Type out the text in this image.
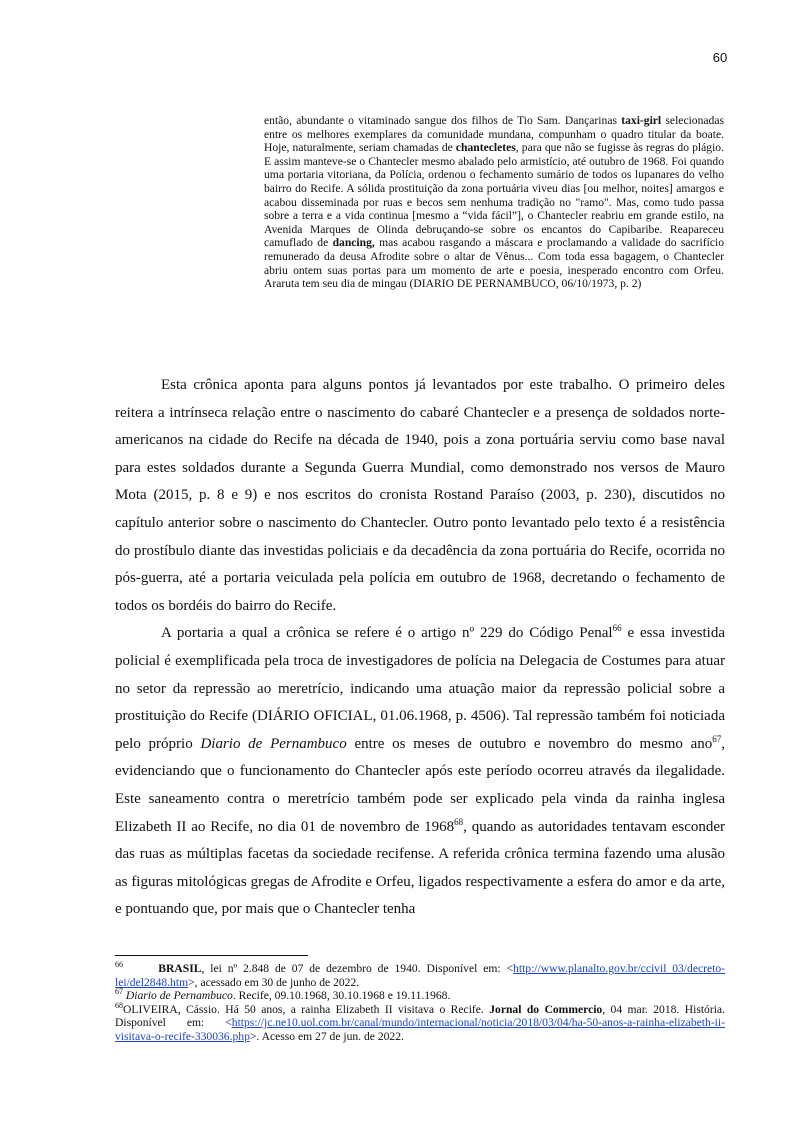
60

então, abundante o vitaminado sangue dos filhos de Tio Sam. Dançarinas taxi-girl selecionadas entre os melhores exemplares da comunidade mundana, compunham o quadro titular da boate. Hoje, naturalmente, seriam chamadas de chantecletes, para que não se fugisse às regras do plágio. E assim manteve-se o Chantecler mesmo abalado pelo armistício, até outubro de 1968. Foi quando uma portaria vitoriana, da Polícia, ordenou o fechamento sumário de todos os lupanares do velho bairro do Recife. A sólida prostituição da zona portuária viveu dias [ou melhor, noites] amargos e acabou disseminada por ruas e becos sem nenhuma tradição no "ramo". Mas, como tudo passa sobre a terra e a vida continua [mesmo a “vida fácil”], o Chantecler reabriu em grande estilo, na Avenida Marques de Olinda debruçando-se sobre os encantos do Capibaribe. Reapareceu camuflado de dancing, mas acabou rasgando a máscara e proclamando a validade do sacrifício remunerado da deusa Afrodite sobre o altar de Vênus... Com toda essa bagagem, o Chantecler abriu ontem suas portas para um momento de arte e poesia, inesperado encontro com Orfeu. Araruta tem seu dia de mingau (DIARIO DE PERNAMBUCO, 06/10/1973, p. 2)

Esta crônica aponta para alguns pontos já levantados por este trabalho. O primeiro deles reitera a intrínseca relação entre o nascimento do cabaré Chantecler e a presença de soldados norte-americanos na cidade do Recife na década de 1940, pois a zona portuária serviu como base naval para estes soldados durante a Segunda Guerra Mundial, como demonstrado nos versos de Mauro Mota (2015, p. 8 e 9) e nos escritos do cronista Rostand Paraíso (2003, p. 230), discutidos no capítulo anterior sobre o nascimento do Chantecler. Outro ponto levantado pelo texto é a resistência do prostíbulo diante das investidas policiais e da decadência da zona portuária do Recife, ocorrida no pós-guerra, até a portaria veiculada pela polícia em outubro de 1968, decretando o fechamento de todos os bordéis do bairro do Recife.

A portaria a qual a crônica se refere é o artigo nº 229 do Código Penal$^{66}$ e essa investida policial é exemplificada pela troca de investigadores de polícia na Delegacia de Costumes para atuar no setor da repressão ao meretrício, indicando uma atuação maior da repressão policial sobre a prostituição do Recife (DIÁRIO OFICIAL, 01.06.1968, p. 4506). Tal repressão também foi noticiada pelo próprio Diario de Pernambuco entre os meses de outubro e novembro do mesmo ano$^{67}$, evidenciando que o funcionamento do Chantecler após este período ocorreu através da ilegalidade. Este saneamento contra o meretrício também pode ser explicado pela vinda da rainha inglesa Elizabeth II ao Recife, no dia 01 de novembro de 1968$^{68}$, quando as autoridades tentavam esconder das ruas as múltiplas facetas da sociedade recifense. A referida crônica termina fazendo uma alusão as figuras mitológicas gregas de Afrodite e Orfeu, ligados respectivamente a esfera do amor e da arte, e pontuando que, por mais que o Chantecler tenha

$^{66}$	BRASIL, lei nº 2.848 de 07 de dezembro de 1940. Disponível em: <http://www.planalto.gov.br/ccivil_03/decreto-lei/del2848.htm>, acessado em 30 de junho de 2022.

$^{67}$ Diario de Pernambuco. Recife, 09.10.1968, 30.10.1968 e 19.11.1968.

$^{68}$OLIVEIRA, Cássio. Há 50 anos, a rainha Elizabeth II visitava o Recife. Jornal do Commercio, 04 mar. 2018. História. Disponível em: <https://jc.ne10.uol.com.br/canal/mundo/internacional/noticia/2018/03/04/ha-50-anos-a-rainha-elizabeth-ii-visitava-o-recife-330036.php>. Acesso em 27 de jun. de 2022.
